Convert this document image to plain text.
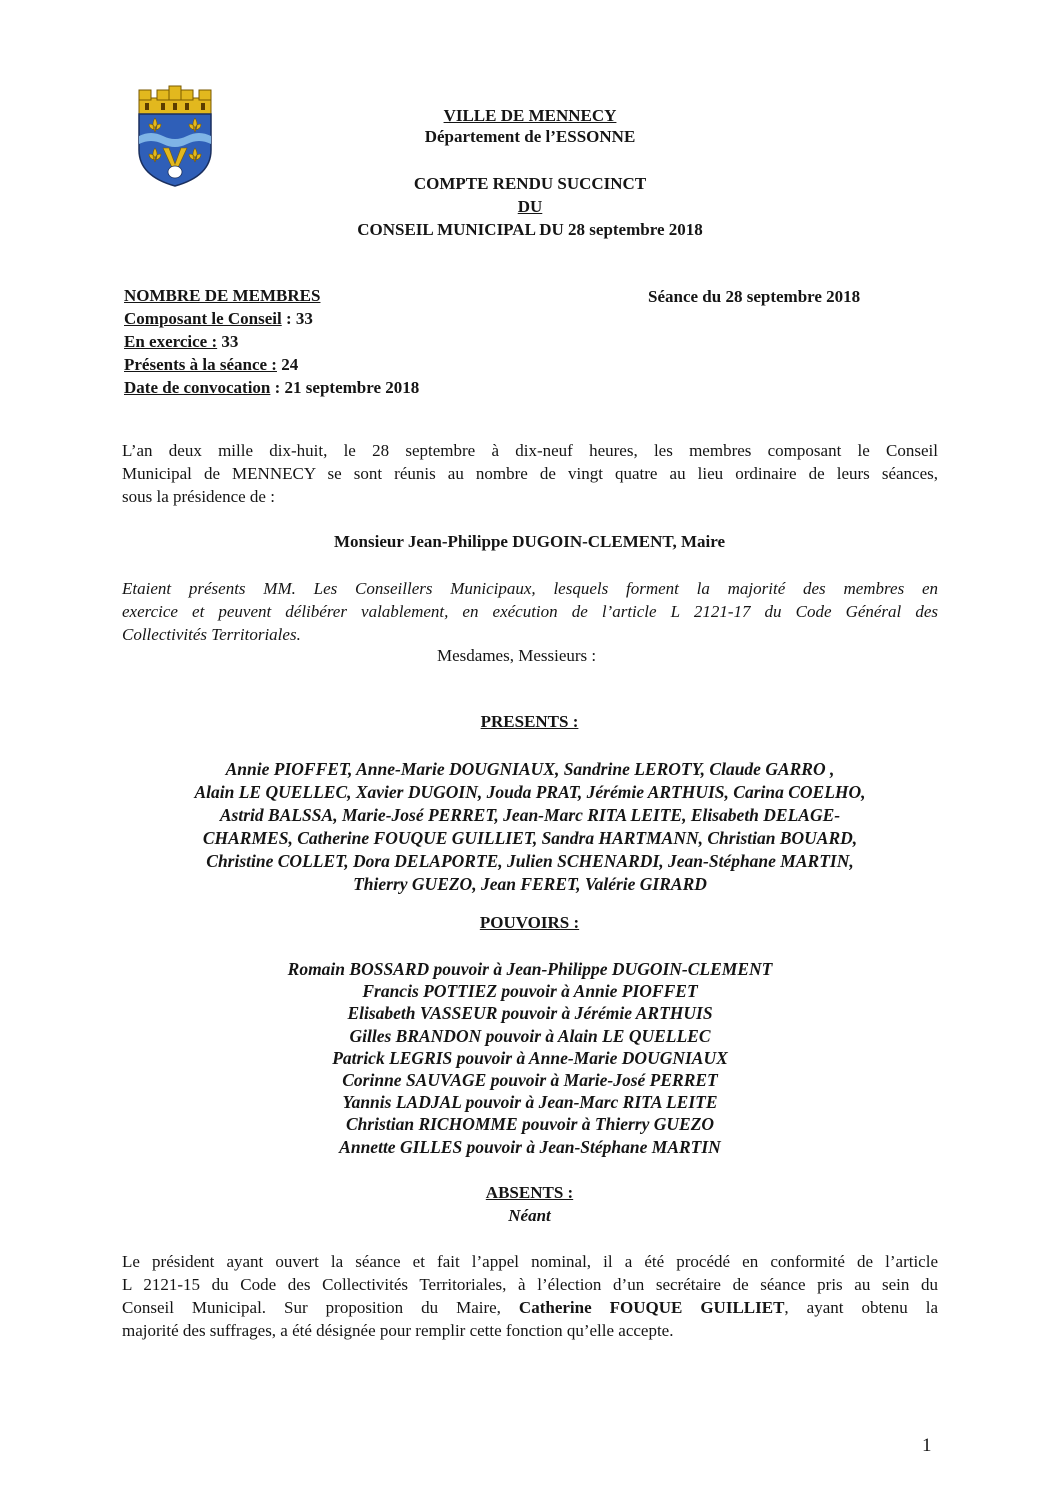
VILLE DE MENNECY
Département de l’ESSONNE
COMPTE RENDU SUCCINCT
DU
CONSEIL MUNICIPAL DU 28 septembre 2018
NOMBRE DE MEMBRES
Composant le Conseil : 33
En exercice : 33
Présents à la séance : 24
Date de convocation : 21 septembre 2018
Séance du 28 septembre 2018
L’an deux mille dix-huit, le 28 septembre à dix-neuf heures, les membres composant le Conseil
Municipal de MENNECY se sont réunis au nombre de vingt quatre au lieu ordinaire de leurs séances,
sous la présidence de :
Monsieur Jean-Philippe DUGOIN-CLEMENT, Maire
Etaient présents MM. Les Conseillers Municipaux, lesquels forment la majorité des membres en
exercice et peuvent délibérer valablement, en exécution de l’article L 2121-17 du Code Général des
Collectivités Territoriales.
Mesdames, Messieurs :
PRESENTS :
Annie PIOFFET, Anne-Marie DOUGNIAUX, Sandrine LEROTY, Claude GARRO ,
Alain LE QUELLEC, Xavier DUGOIN, Jouda PRAT, Jérémie ARTHUIS, Carina COELHO,
Astrid BALSSA, Marie-José PERRET, Jean-Marc RITA LEITE, Elisabeth DELAGE-
CHARMES, Catherine FOUQUE GUILLIET, Sandra HARTMANN, Christian BOUARD,
Christine COLLET, Dora DELAPORTE, Julien SCHENARDI, Jean-Stéphane MARTIN,
Thierry GUEZO, Jean FERET, Valérie GIRARD
POUVOIRS :
Romain BOSSARD pouvoir à Jean-Philippe DUGOIN-CLEMENT
Francis POTTIEZ pouvoir à Annie PIOFFET
Elisabeth VASSEUR pouvoir à Jérémie ARTHUIS
Gilles BRANDON pouvoir à Alain LE QUELLEC
Patrick LEGRIS pouvoir à Anne-Marie DOUGNIAUX
Corinne SAUVAGE pouvoir à Marie-José PERRET
Yannis LADJAL pouvoir à Jean-Marc RITA LEITE
Christian RICHOMME pouvoir à Thierry GUEZO
Annette GILLES pouvoir à Jean-Stéphane MARTIN
ABSENTS :
Néant
Le président ayant ouvert la séance et fait l’appel nominal, il a été procédé en conformité de l’article
L 2121-15 du Code des Collectivités Territoriales, à l’élection d’un secrétaire de séance pris au sein du
Conseil Municipal. Sur proposition du Maire, Catherine FOUQUE GUILLIET, ayant obtenu la
majorité des suffrages, a été désignée pour remplir cette fonction qu’elle accepte.
1
